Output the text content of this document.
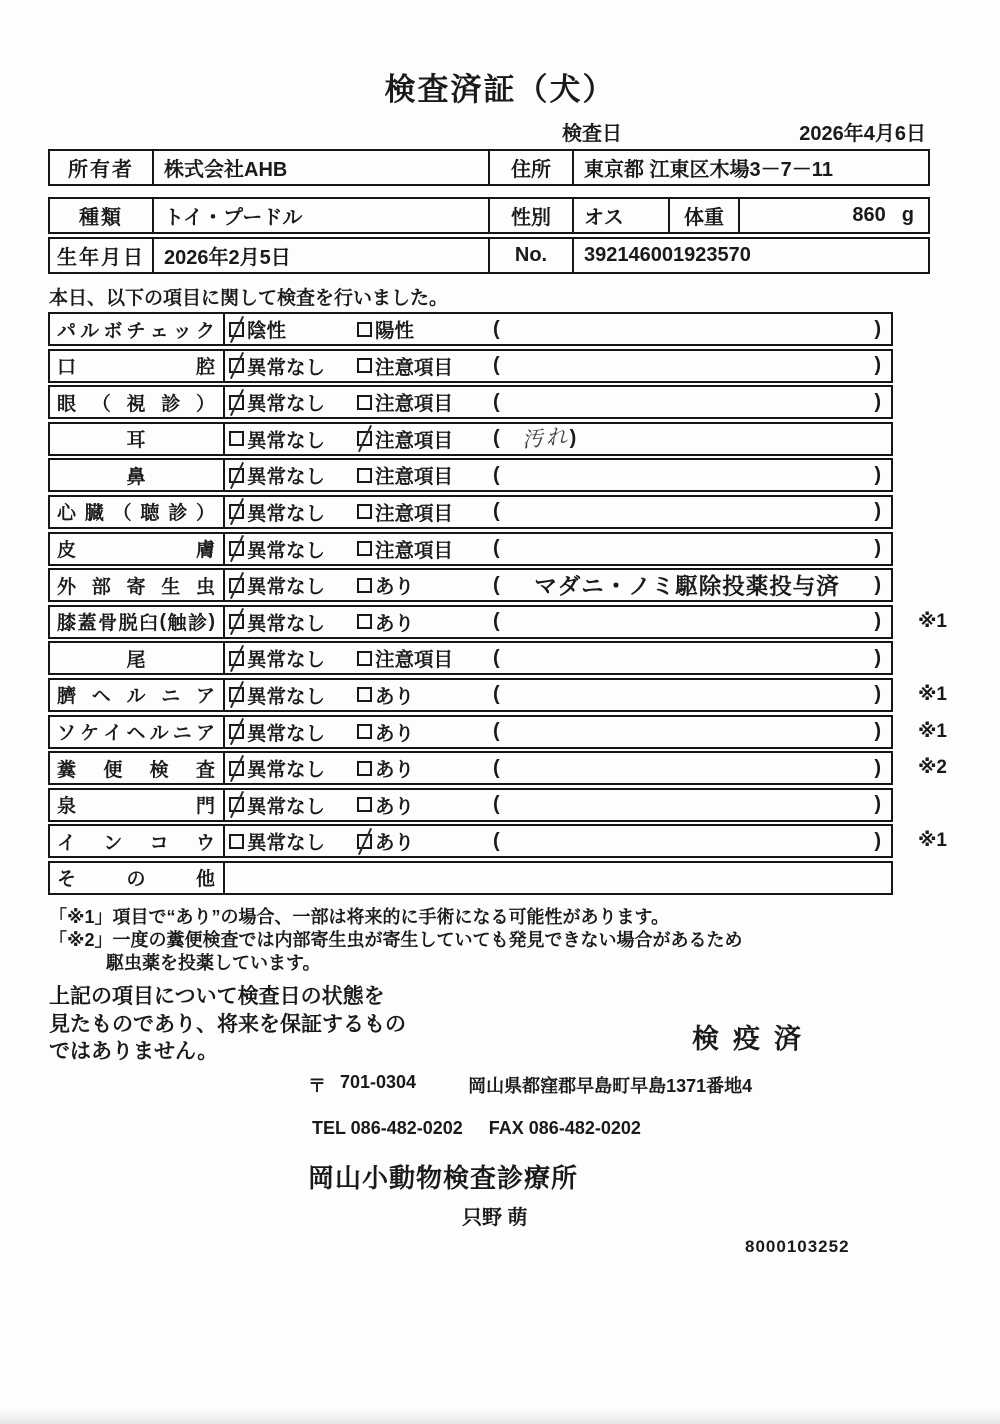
検査済証（犬）
検査日	2026年4月6日
所有者	株式会社AHB	住所	東京都 江東区木場3－7－11
種類	トイ・プードル	性別	オス	体重	860 g
生年月日 2026年2月5日	No.	392146001923570
本日、以下の項目に関して検査を行いました。
パ ル ボ チ ェ ッ ク 陰性	陽性	(	)
口	腔 異常なし	注意項目 (	)
眼 （ 視 診 ） 異常なし	注意項目 (	)
耳	異常なし	注意項目 ( 汚れ )
鼻	異常なし	注意項目 (	)
心 臓 （ 聴 診 ） 異常なし	注意項目 (	)
皮	膚 異常なし	注意項目 (	)
外 部 寄 生 虫 異常なし	あり	(	マダニ・ノミ駆除投薬投与済	)
膝 蓋 骨 脱 臼 ( 触 診 ) 異常なし	あり	(	) ※1
尾	異常なし	注意項目 (	)
臍 ヘ ル ニ ア 異常なし	あり	(	) ※1
ソ ケ イ ヘ ル ニ ア 異常なし	あり	(	) ※1
糞 便 検 査 異常なし	あり	(	) ※2
泉	門 異常なし	あり	(	)
イ ン コ ウ 異常なし	あり	(	) ※1
そ	の	他
「※1」項目で“あり”の場合、一部は将来的に手術になる可能性があります。
「※2」一度の糞便検査では内部寄生虫が寄生していても発見できない場合があるため
駆虫薬を投薬しています。
上記の項目について検査日の状態を
見たものであり、将来を保証するもの
ではありません。	検疫済
〒 701-0304	岡山県都窪郡早島町早島1371番地4
TEL 086-482-0202 FAX 086-482-0202
岡山小動物検査診療所
只野 萌
8000103252
